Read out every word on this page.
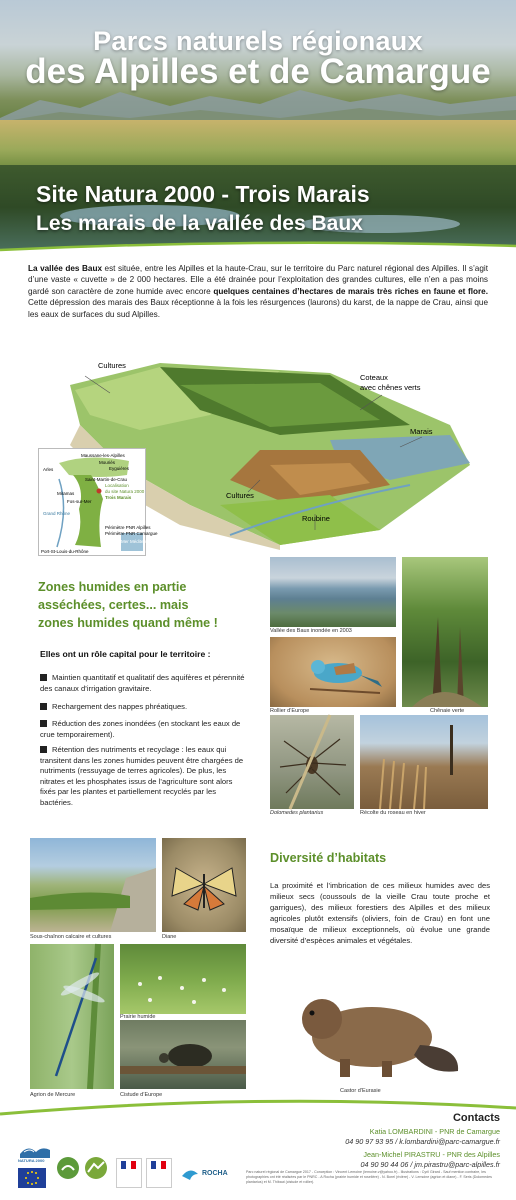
Parcs naturels régionaux
des Alpilles et de Camargue
Site Natura 2000 - Trois Marais
Les marais de la vallée des Baux
La vallée des Baux est située, entre les Alpilles et la haute-Crau, sur le territoire du Parc naturel régional des Alpilles. Il s’agit d’une vaste « cuvette » de 2 000 hectares. Elle a été drainée pour l’exploitation des grandes cultures, elle n’en a pas moins gardé son caractère de zone humide avec encore quelques centaines d’hectares de marais très riches en faune et flore. Cette dépression des marais des Baux réceptionne à la fois les résurgences (laurons) du karst, de la nappe de Crau, ainsi que les eaux de surfaces du sud Alpilles.
Cultures
Coteaux
avec chênes verts
Marais
Cultures
Roubine
Maussane-les-Alpilles
Mouriès
Eyguières
Arles
Saint-Martin-de-Crau
Miramas
Fos-sur-Mer
Port-St-Louis-du-Rhône
Localisation
du site Natura 2000
Trois Marais
Grand Rhône
Périmètre PNR Alpilles
Périmètre PNR Camargue
Mer Méditerranée
Zones humides en partie
asséchées, certes... mais
zones humides quand même !
Elles ont un rôle capital pour le territoire :
Maintien quantitatif et qualitatif des aquifères et pérennité des canaux d’irrigation gravitaire.
Rechargement des nappes phréatiques.
Réduction des zones inondées (en stockant les eaux de crue temporairement).
Rétention des nutriments et recyclage : les eaux qui transitent dans les zones humides peuvent être chargées de nutriments (ressuyage de terres agricoles). De plus, les nitrates et les phosphates issus de l’agriculture sont alors fixés par les plantes et partiellement recyclés par les bactéries.
Vallée des Baux inondée en 2003
Rollier d’Europe	Chênaie verte
Dolomedes plantarius	Récolte du roseau en hiver
Sous-chaînon calcaire et cultures	Diane
Agrion de Mercure
Prairie humide
Cistude d’Europe
Diversité d’habitats
La proximité et l’imbrication de ces milieux humides avec des milieux secs (coussouls de la vieille Crau toute proche et garrigues), des milieux forestiers des Alpilles et des milieux agricoles plutôt extensifs (oliviers, foin de Crau) en font une mosaïque de milieux exceptionnels, où évolue une grande diversité d’espèces animales et végétales.
Castor d’Eurasie
Contacts
Katia LOMBARDINI - PNR de Camargue
04 90 97 93 95 / k.lombardini@parc-camargue.fr
Jean-Michel PIRASTRU - PNR des Alpilles
04 90 90 44 06 / jm.pirastru@parc-alpilles.fr
NATURA 2000
ROCHA	Parc naturel régional de Camargue 2017 - Conception : Vincent Lemoine (lemoine.v@yahoo.fr) - Illustrations : Cyril Girard - Sauf mention contraire, les photographies ont été réalisées par le PNRC - A Rocha (prairie humide et roselière) - N. Borel (rivière) - V. Lemoine (agrion et diane) - F. Seris (Dolomedes plantarius) et M. Thibaut (cistude et rollier).
